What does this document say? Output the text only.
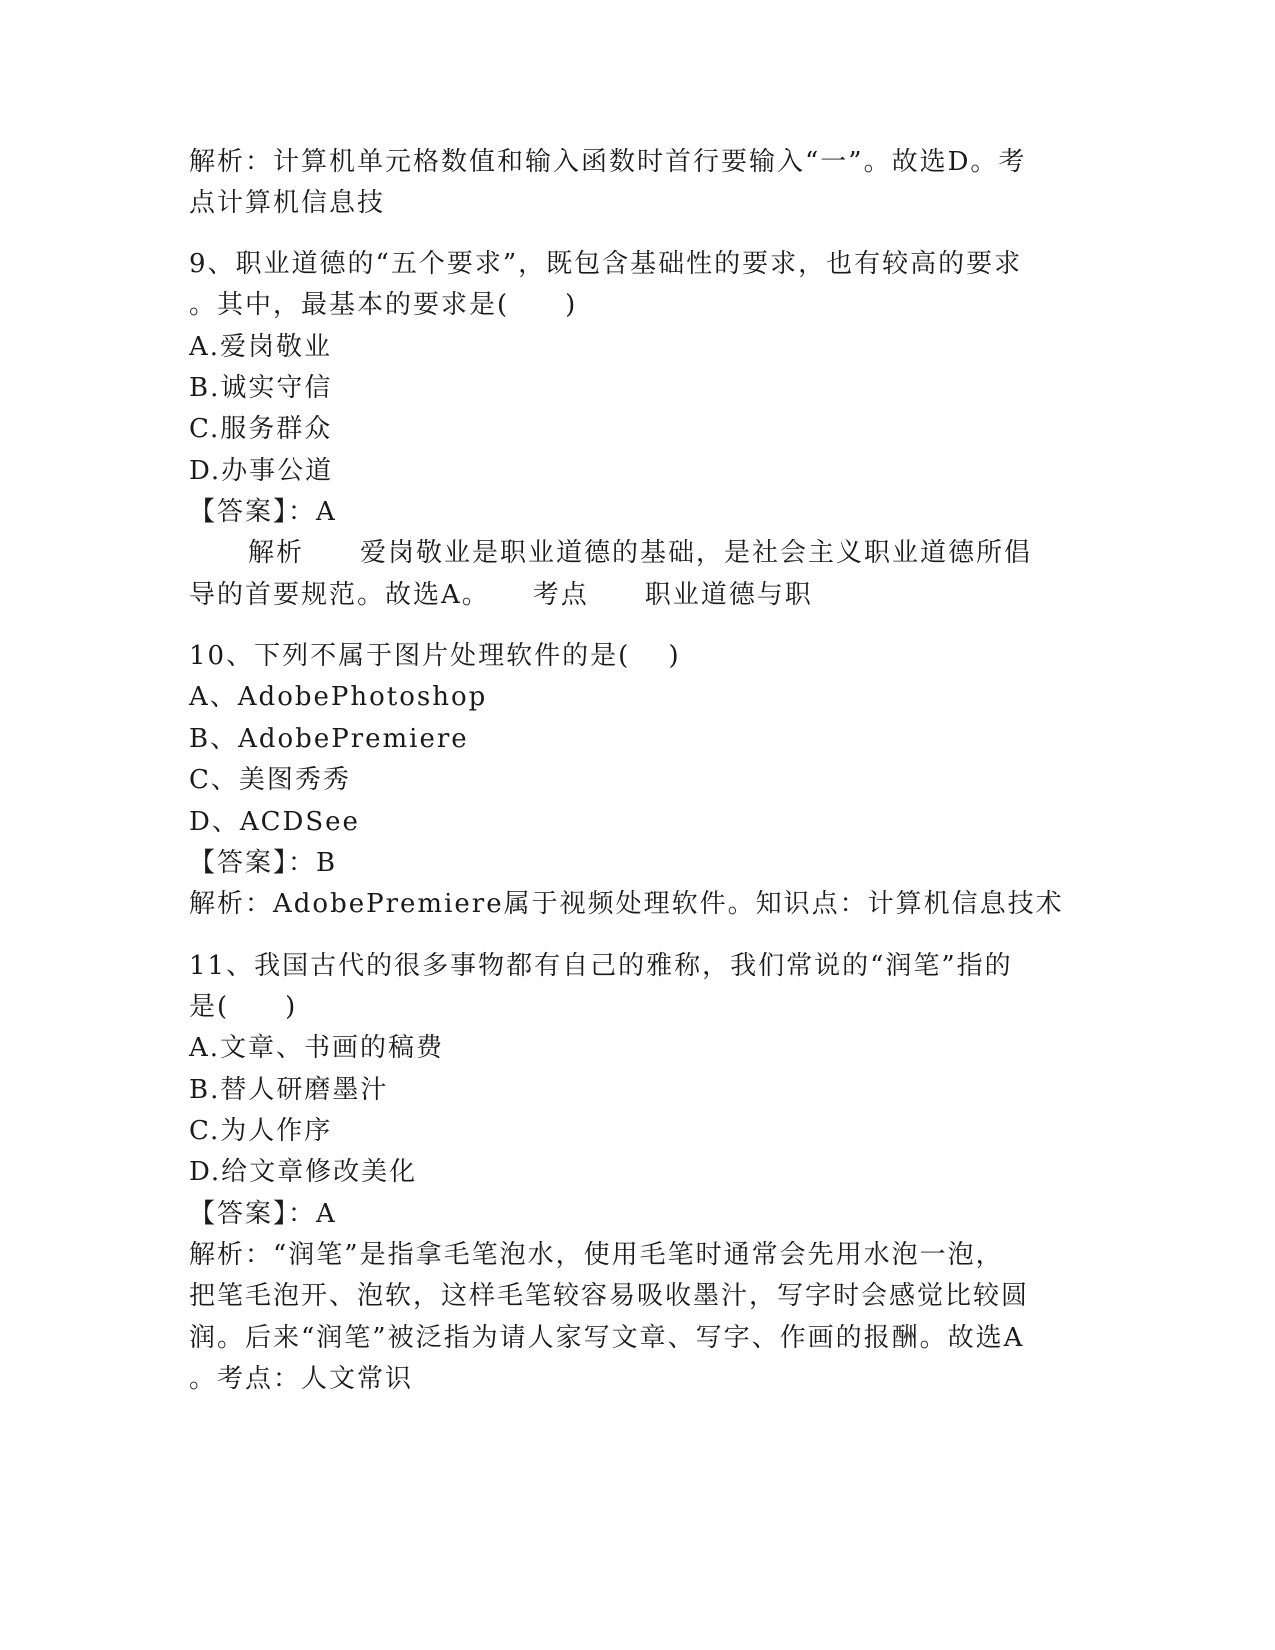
解析：计算机单元格数值和输入函数时首行要输入“一”。故选D。考
点计算机信息技
9、职业道德的“五个要求”，既包含基础性的要求，也有较高的要求
。其中，最基本的要求是(　　)
A.爱岗敬业
B.诚实守信
C.服务群众
D.办事公道
【答案】：A
解析　　爱岗敬业是职业道德的基础，是社会主义职业道德所倡
导的首要规范。故选A。　　考点　　职业道德与职
10、下列不属于图片处理软件的是(　 )
A、AdobePhotoshop
B、AdobePremiere
C、美图秀秀
D、ACDSee
【答案】：B
解析：AdobePremiere属于视频处理软件。知识点：计算机信息技术
11、我国古代的很多事物都有自己的雅称，我们常说的“润笔”指的
是(　　)
A.文章、书画的稿费
B.替人研磨墨汁
C.为人作序
D.给文章修改美化
【答案】：A
解析：“润笔”是指拿毛笔泡水，使用毛笔时通常会先用水泡一泡，
把笔毛泡开、泡软，这样毛笔较容易吸收墨汁，写字时会感觉比较圆
润。后来“润笔”被泛指为请人家写文章、写字、作画的报酬。故选A
。考点：人文常识
